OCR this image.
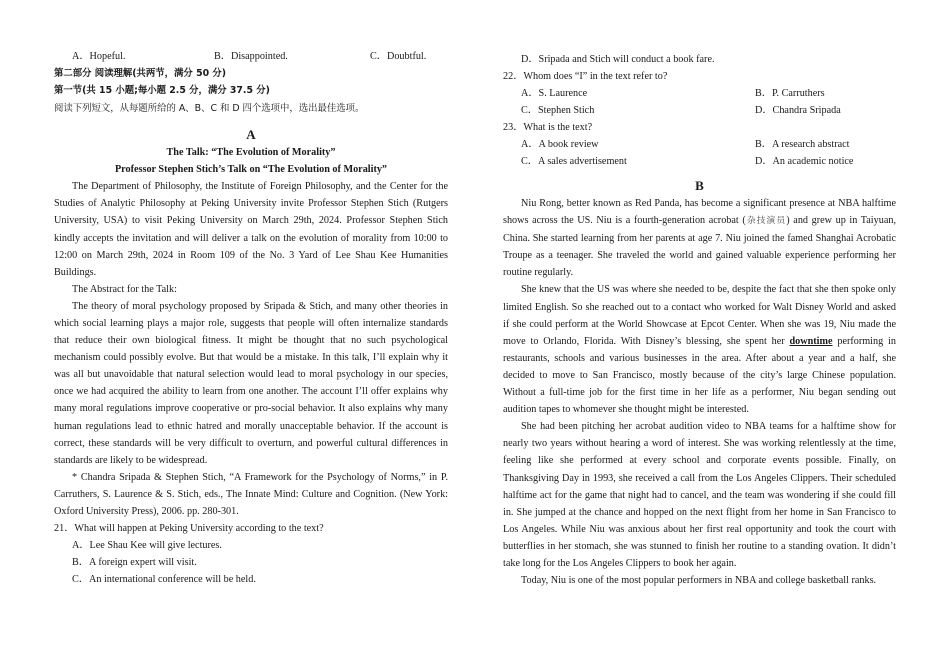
A．Hopeful.	B．Disappointed.	C．Doubtful.
第二部分 阅读理解(共两节，满分 50 分)
第一节(共 15 小题;每小题 2.5 分，满分 37.5 分)
阅读下列短文，从每题所给的 A、B、C 和 D 四个选项中，选出最佳选项。
A
The Talk: “The Evolution of Morality”
Professor Stephen Stich’s Talk on “The Evolution of Morality”

The Department of Philosophy, the Institute of Foreign Philosophy, and the Center for the Studies of Analytic Philosophy at Peking University invite Professor Stephen Stich (Rutgers University, USA) to visit Peking University on March 29th, 2024. Professor Stephen Stich kindly accepts the invitation and will deliver a talk on the evolution of morality from 10:00 to 12:00 on March 29th, 2024 in Room 109 of the No. 3 Yard of Lee Shau Kee Humanities Buildings.

The Abstract for the Talk:

The theory of moral psychology proposed by Sripada & Stich, and many other theories in which social learning plays a major role, suggests that people will often internalize standards that reduce their own biological fitness. It might be thought that no such psychological mechanism could possibly evolve. But that would be a mistake. In this talk, I’ll explain why it was all but unavoidable that natural selection would lead to moral psychology in our species, once we had acquired the ability to learn from one another. The account I’ll offer explains why many moral regulations improve cooperative or pro-social behavior. It also explains why many human regulations lead to ethnic hatred and morally unacceptable behavior. If the account is correct, these standards will be very difficult to overturn, and powerful cultural differences in standards are likely to be widespread.

* Chandra Sripada & Stephen Stich, “A Framework for the Psychology of Norms,” in P. Carruthers, S. Laurence & S. Stich, eds., The Innate Mind: Culture and Cognition. (New York: Oxford University Press), 2006. pp. 280-301.

21．What will happen at Peking University according to the text?

A．Lee Shau Kee will give lectures.

B．A foreign expert will visit.

C．An international conference will be held.

D．Sripada and Stich will conduct a book fare.

22．Whom does “I” in the text refer to?

A．S. Laurence	B．P. Carruthers
C．Stephen Stich	D．Chandra Sripada

23．What is the text?

A．A book review	B．A research abstract
C．A sales advertisement	D．An academic notice
B

Niu Rong, better known as Red Panda, has become a significant presence at NBA halftime shows across the US. Niu is a fourth-generation acrobat (杂技演员) and grew up in Taiyuan, China. She started learning from her parents at age 7. Niu joined the famed Shanghai Acrobatic Troupe as a teenager. She traveled the world and gained valuable experience performing her routine regularly.

She knew that the US was where she needed to be, despite the fact that she then spoke only limited English. So she reached out to a contact who worked for Walt Disney World and asked if she could perform at the World Showcase at Epcot Center. When she was 19, Niu made the move to Orlando, Florida. With Disney’s blessing, she spent her downtime performing in restaurants, schools and various businesses in the area. After about a year and a half, she decided to move to San Francisco, mostly because of the city’s large Chinese population. Without a full-time job for the first time in her life as a performer, Niu began sending out audition tapes to whomever she thought might be interested.

She had been pitching her acrobat audition video to NBA teams for a halftime show for nearly two years without hearing a word of interest. She was working relentlessly at the time, feeling like she performed at every school and corporate events possible. Finally, on Thanksgiving Day in 1993, she received a call from the Los Angeles Clippers. Their scheduled halftime act for the game that night had to cancel, and the team was wondering if she could fill in. She jumped at the chance and hopped on the next flight from her home in San Francisco to Los Angeles. While Niu was anxious about her first real opportunity and took the court with butterflies in her stomach, she was stunned to finish her routine to a standing ovation. It didn’t take long for the Los Angeles Clippers to book her again.

Today, Niu is one of the most popular performers in NBA and college basketball ranks.
